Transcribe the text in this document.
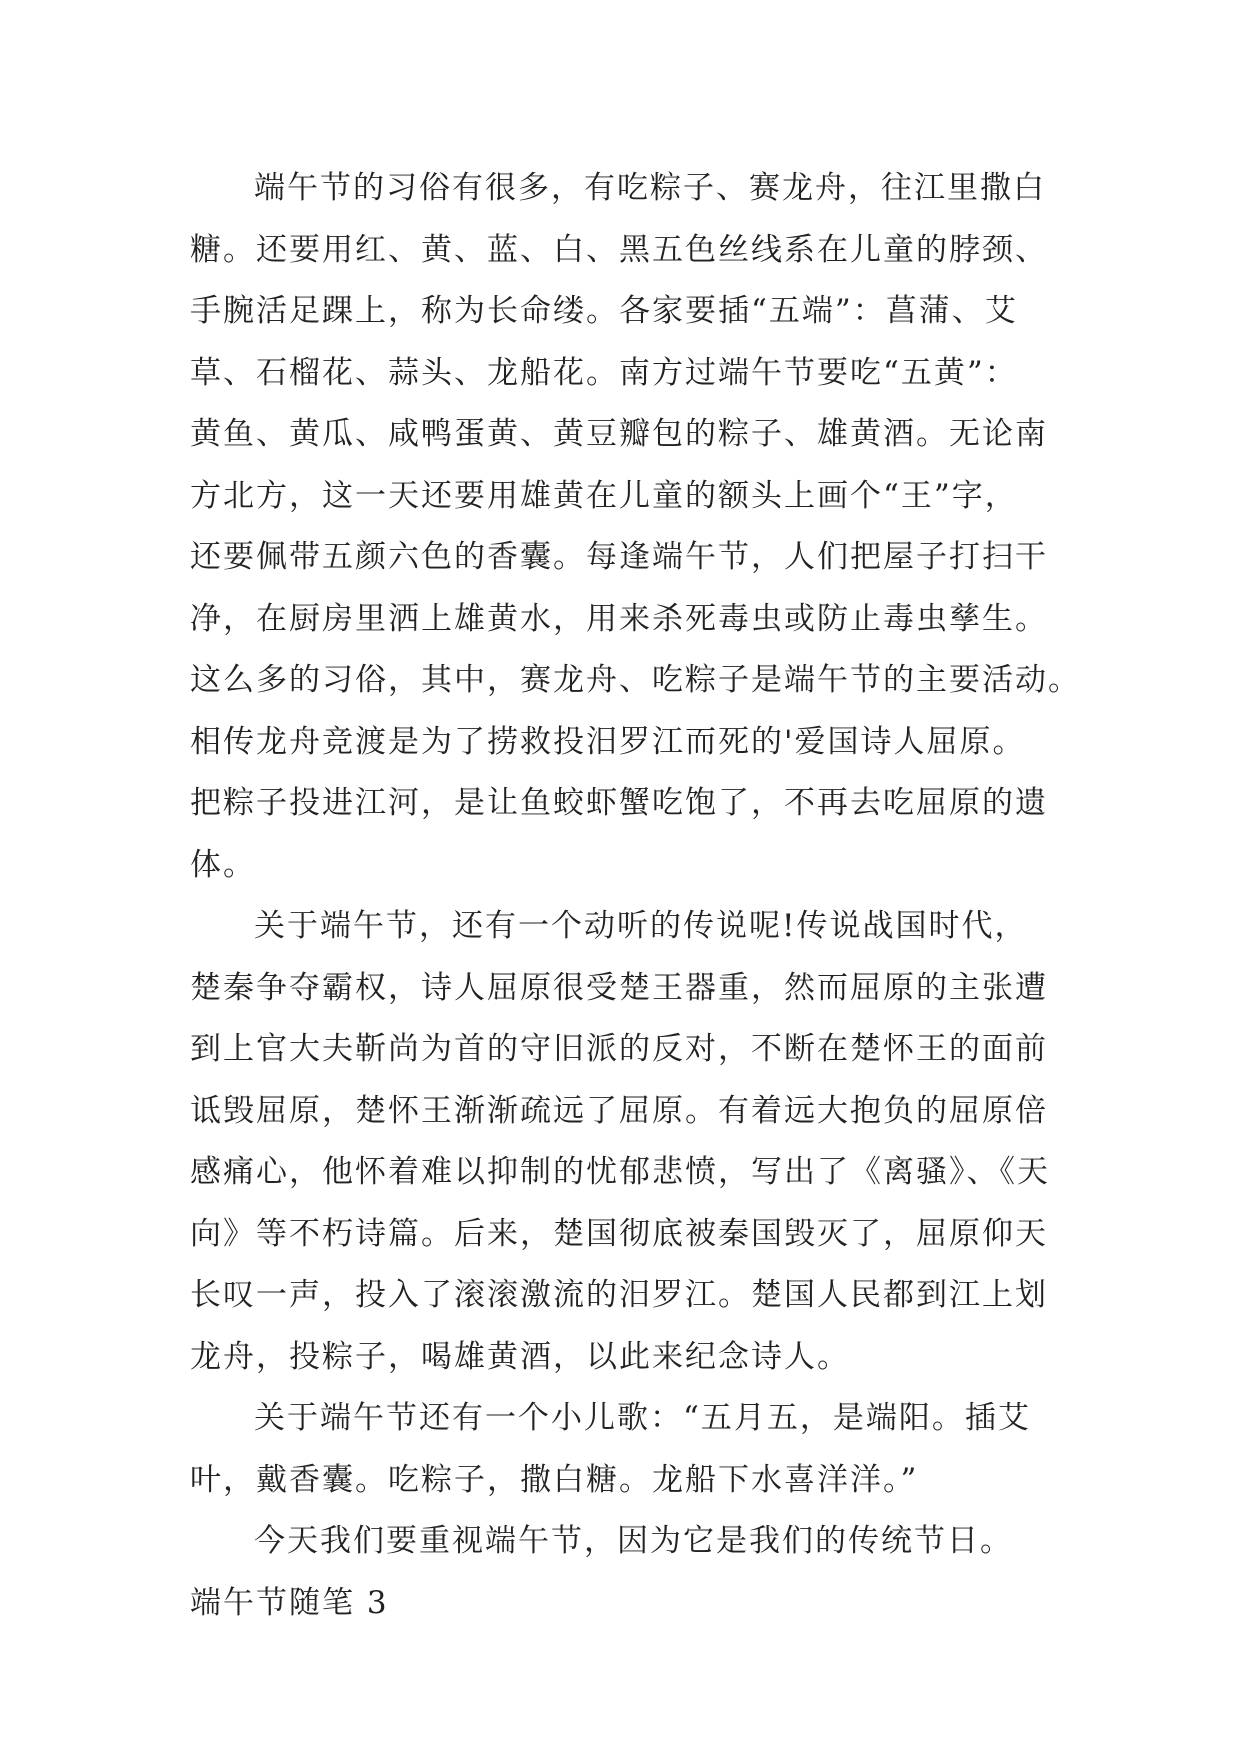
端午节的习俗有很多，有吃粽子、赛龙舟，往江里撒白
糖。还要用红、黄、蓝、白、黑五色丝线系在儿童的脖颈、
手腕活足踝上，称为长命缕。各家要插“五端”：菖蒲、艾
草、石榴花、蒜头、龙船花。南方过端午节要吃“五黄”：
黄鱼、黄瓜、咸鸭蛋黄、黄豆瓣包的粽子、雄黄酒。无论南
方北方，这一天还要用雄黄在儿童的额头上画个“王”字，
还要佩带五颜六色的香囊。每逢端午节，人们把屋子打扫干
净，在厨房里洒上雄黄水，用来杀死毒虫或防止毒虫孳生。
这么多的习俗，其中，赛龙舟、吃粽子是端午节的主要活动。
相传龙舟竞渡是为了捞救投汨罗江而死的'爱国诗人屈原。
把粽子投进江河，是让鱼蛟虾蟹吃饱了，不再去吃屈原的遗
体。
关于端午节，还有一个动听的传说呢!传说战国时代，
楚秦争夺霸权，诗人屈原很受楚王器重，然而屈原的主张遭
到上官大夫靳尚为首的守旧派的反对，不断在楚怀王的面前
诋毁屈原，楚怀王渐渐疏远了屈原。有着远大抱负的屈原倍
感痛心，他怀着难以抑制的忧郁悲愤，写出了《离骚》、《天
向》等不朽诗篇。后来，楚国彻底被秦国毁灭了，屈原仰天
长叹一声，投入了滚滚激流的汨罗江。楚国人民都到江上划
龙舟，投粽子，喝雄黄酒，以此来纪念诗人。
关于端午节还有一个小儿歌：“五月五，是端阳。插艾
叶，戴香囊。吃粽子，撒白糖。龙船下水喜洋洋。”
今天我们要重视端午节，因为它是我们的传统节日。
端午节随笔 3
